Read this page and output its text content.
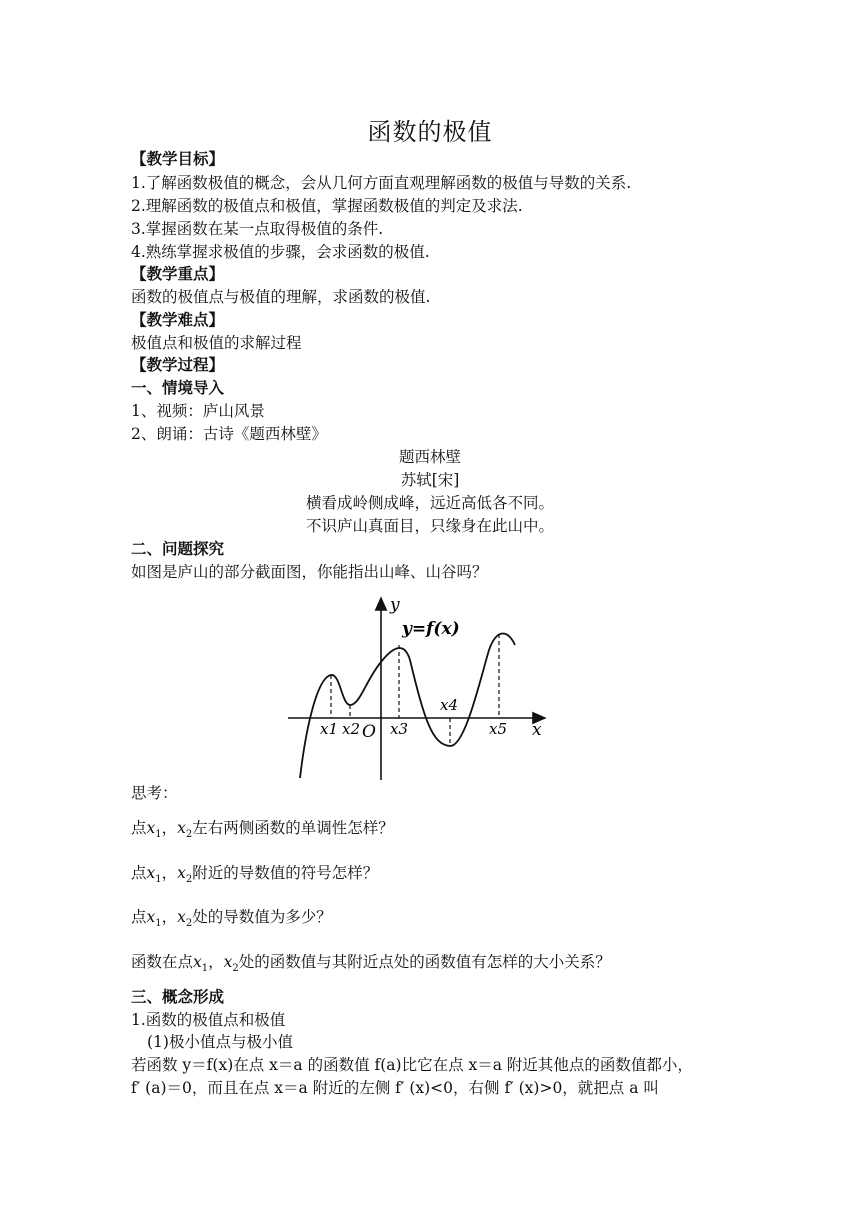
函数的极值
【教学目标】
1.了解函数极值的概念，会从几何方面直观理解函数的极值与导数的关系.
2.理解函数的极值点和极值，掌握函数极值的判定及求法.
3.掌握函数在某一点取得极值的条件.
4.熟练掌握求极值的步骤，会求函数的极值.
【教学重点】
函数的极值点与极值的理解，求函数的极值.
【教学难点】
极值点和极值的求解过程
【教学过程】
一、情境导入
1、视频：庐山风景
2、朗诵：古诗《题西林壁》
题西林壁
苏轼[宋]
横看成岭侧成峰，远近高低各不同。
不识庐山真面目，只缘身在此山中。
二、问题探究
如图是庐山的部分截面图，你能指出山峰、山谷吗？
y
x
O
y=f(x)
x1 x2 x3
x4
x5
思考：
点$x_1$，$x_2$左右两侧函数的单调性怎样？
点$x_1$，$x_2$附近的导数值的符号怎样？
点$x_1$，$x_2$处的导数值为多少？
函数在点$x_1$，$x_2$处的函数值与其附近点处的函数值有怎样的大小关系？
三、概念形成
1.函数的极值点和极值
(1)极小值点与极小值
若函数 y＝f(x)在点 x＝a 的函数值 f(a)比它在点 x＝a 附近其他点的函数值都小，
f′ (a)＝0，而且在点 x＝a 附近的左侧 f′ (x)<0，右侧 f′ (x)>0，就把点 a 叫
